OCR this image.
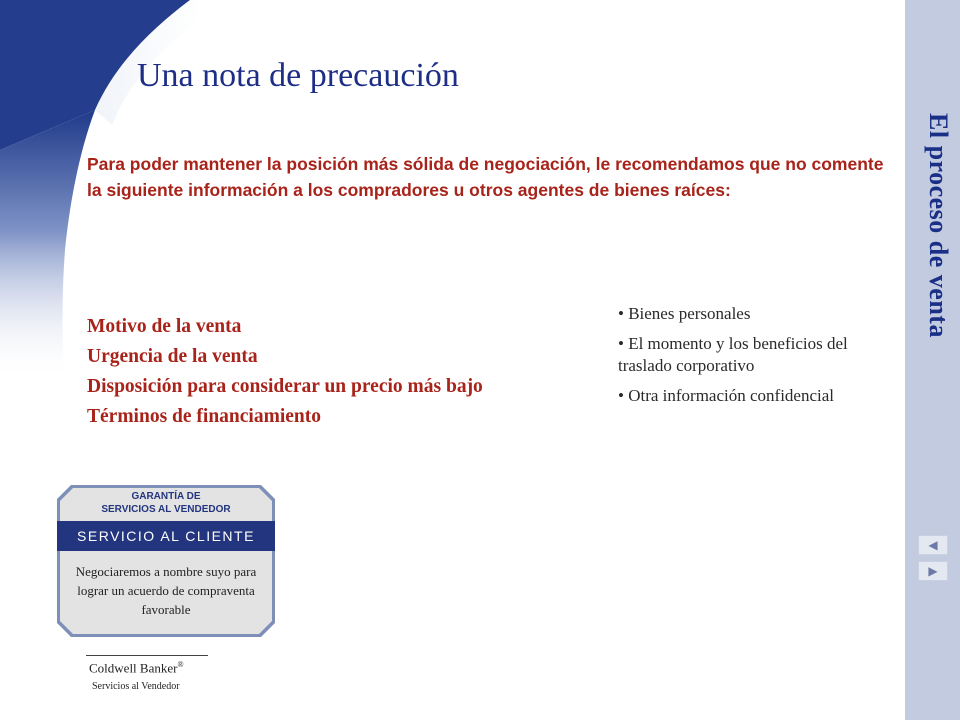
El proceso de venta
◀
▶
Una nota de precaución
Para poder mantener la posición más sólida de negociación, le recomendamos que no comente la siguiente información a los compradores u otros agentes de bienes raíces:
Motivo de la venta
Urgencia de la venta
Disposición para considerar un precio más bajo
Términos de financiamiento
• Bienes personales
• El momento y los beneficios del traslado corporativo
• Otra información confidencial
GARANTÍA DE
SERVICIOS AL VENDEDOR
SERVICIO AL CLIENTE
Negociaremos a nombre suyo para lograr un acuerdo de compraventa favorable
Coldwell Banker®
Servicios al Vendedor
